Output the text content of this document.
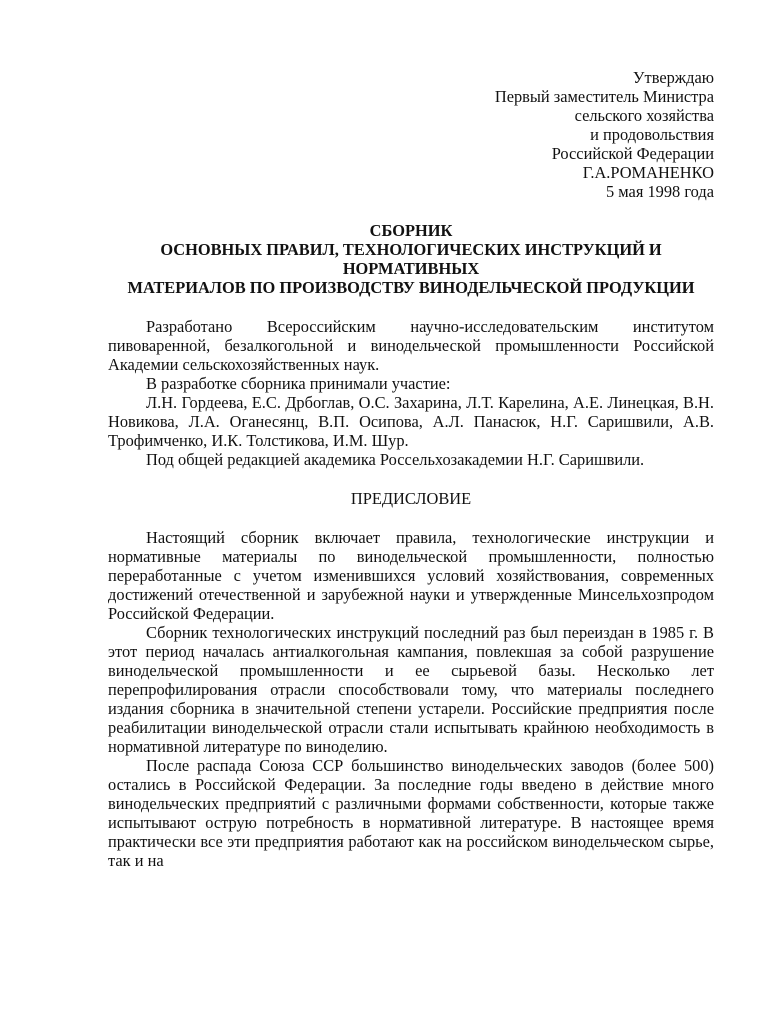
Утверждаю
Первый заместитель Министра
сельского хозяйства
и продовольствия
Российской Федерации
Г.А.РОМАНЕНКО
5 мая 1998 года
СБОРНИК
ОСНОВНЫХ ПРАВИЛ, ТЕХНОЛОГИЧЕСКИХ ИНСТРУКЦИЙ И НОРМАТИВНЫХ
МАТЕРИАЛОВ ПО ПРОИЗВОДСТВУ ВИНОДЕЛЬЧЕСКОЙ ПРОДУКЦИИ

Разработано Всероссийским научно-исследовательским институтом пивоваренной, безалкогольной и винодельческой промышленности Российской Академии сельскохозяйственных наук.

В разработке сборника принимали участие:

Л.Н. Гордеева, Е.С. Дрбоглав, О.С. Захарина, Л.Т. Карелина, А.Е. Линецкая, В.Н. Новикова, Л.А. Оганесянц, В.П. Осипова, А.Л. Панасюк, Н.Г. Саришвили, А.В. Трофимченко, И.К. Толстикова, И.М. Шур.

Под общей редакцией академика Россельхозакадемии Н.Г. Саришвили.

ПРЕДИСЛОВИЕ

Настоящий сборник включает правила, технологические инструкции и нормативные материалы по винодельческой промышленности, полностью переработанные с учетом изменившихся условий хозяйствования, современных достижений отечественной и зарубежной науки и утвержденные Минсельхозпродом Российской Федерации.

Сборник технологических инструкций последний раз был переиздан в 1985 г. В этот период началась антиалкогольная кампания, повлекшая за собой разрушение винодельческой промышленности и ее сырьевой базы. Несколько лет перепрофилирования отрасли способствовали тому, что материалы последнего издания сборника в значительной степени устарели. Российские предприятия после реабилитации винодельческой отрасли стали испытывать крайнюю необходимость в нормативной литературе по виноделию.

После распада Союза ССР большинство винодельческих заводов (более 500) остались в Российской Федерации. За последние годы введено в действие много винодельческих предприятий с различными формами собственности, которые также испытывают острую потребность в нормативной литературе. В настоящее время практически все эти предприятия работают как на российском винодельческом сырье, так и на
